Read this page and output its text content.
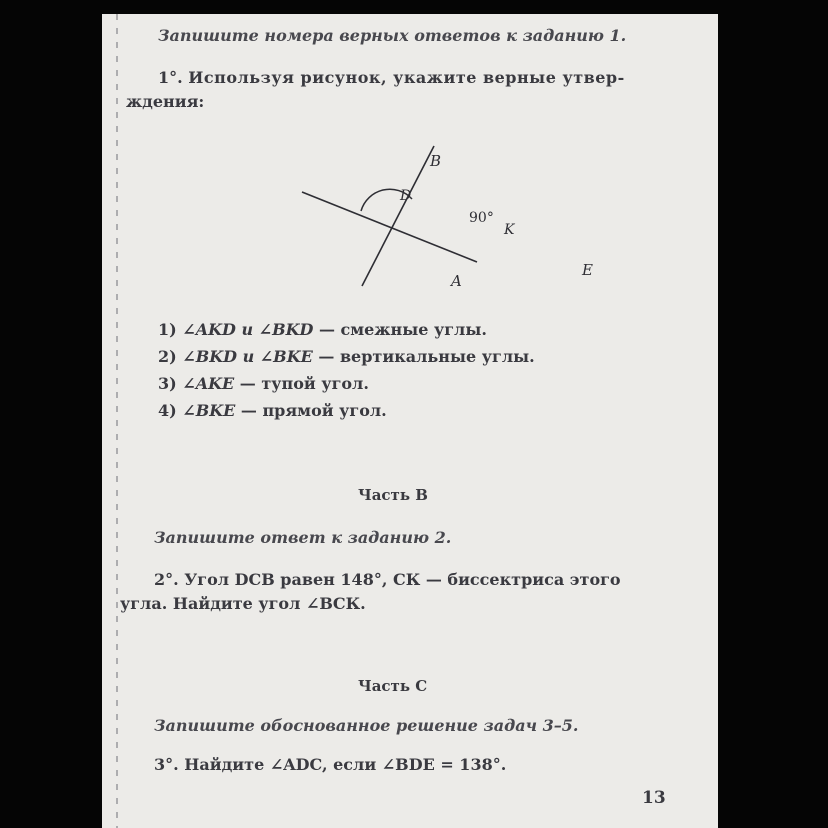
Запишите номера верных ответов к заданию 1.
1°. Используя рисунок, укажите верные утвер-
ждения:
B
D
K
A
E
90°
1) ∠AKD и ∠BKD — смежные углы.
2) ∠BKD и ∠BKE — вертикальные углы.
3) ∠AKE — тупой угол.
4) ∠BKE — прямой угол.
Часть В
Запишите ответ к заданию 2.
2°. Угол DCB равен 148°, СК — биссектриса этого
угла. Найдите угол ∠ВСК.
Часть С
Запишите обоснованное решение задач 3–5.
3°. Найдите ∠ADC, если ∠BDE = 138°.
13
